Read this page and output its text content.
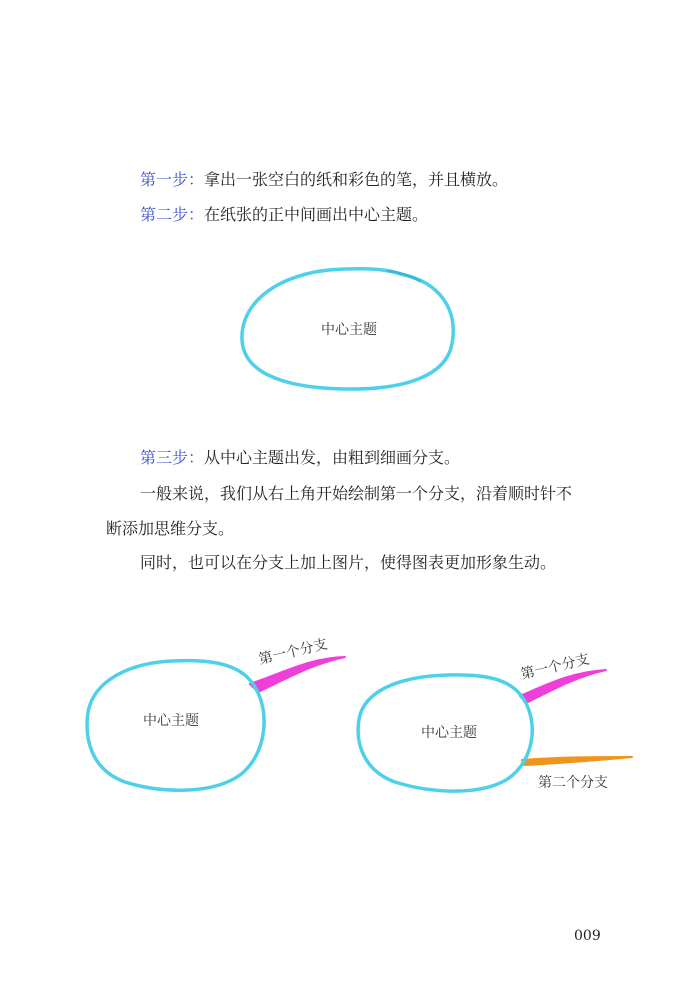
第一步：拿出一张空白的纸和彩色的笔，并且横放。
第二步：在纸张的正中间画出中心主题。
第三步：从中心主题出发，由粗到细画分支。
一般来说，我们从右上角开始绘制第一个分支，沿着顺时针不
断添加思维分支。
同时，也可以在分支上加上图片，使得图表更加形象生动。
中心主题
中心主题
第一个分支
中心主题
第一个分支
第二个分支
009
